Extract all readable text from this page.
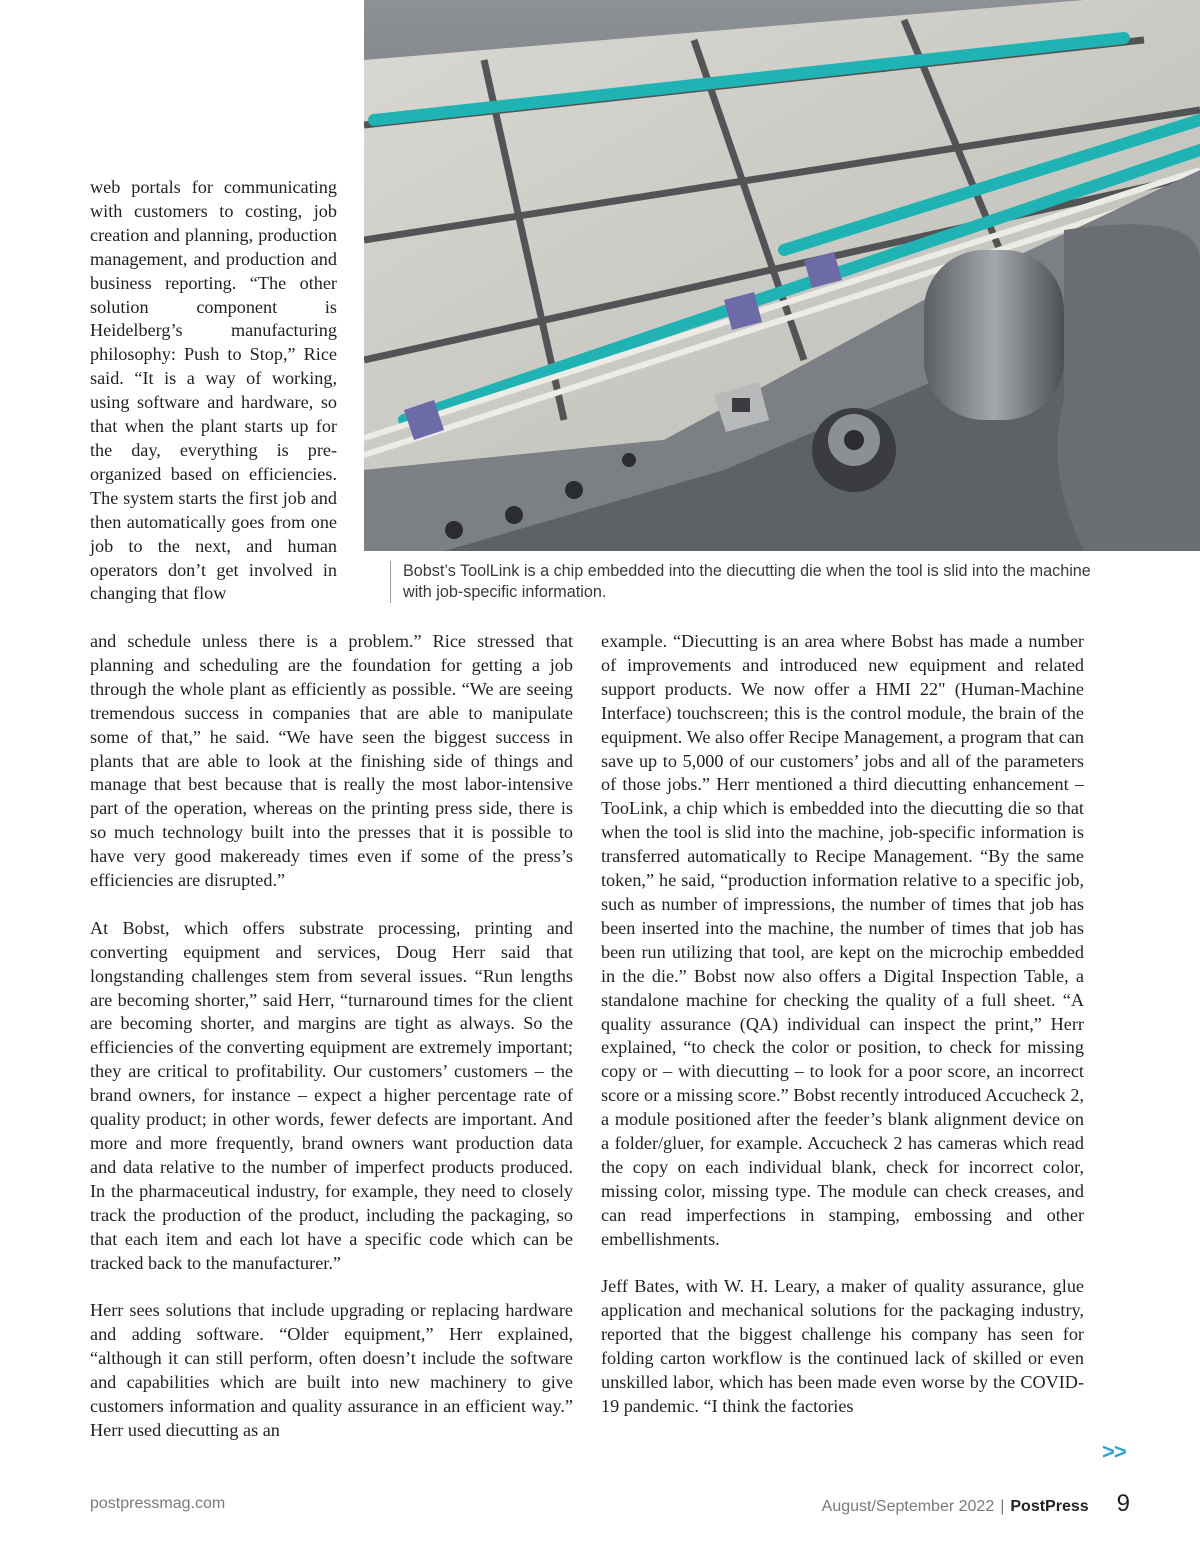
Bobst’s ToolLink is a chip embedded into the diecutting die when the tool is slid into the machine with job-specific information.

web portals for communicating with customers to costing, job creation and planning, production management, and production and business reporting. “The other solution component is Heidelberg’s manufacturing philosophy: Push to Stop,” Rice said. “It is a way of working, using software and hardware, so that when the plant starts up for the day, everything is pre-organized based on efficiencies. The system starts the first job and then automatically goes from one job to the next, and human operators don’t get involved in changing that flow

and schedule unless there is a problem.” Rice stressed that planning and scheduling are the foundation for getting a job through the whole plant as efficiently as possible. “We are seeing tremendous success in companies that are able to manipulate some of that,” he said. “We have seen the biggest success in plants that are able to look at the finishing side of things and manage that best because that is really the most labor-intensive part of the operation, whereas on the printing press side, there is so much technology built into the presses that it is possible to have very good makeready times even if some of the press’s efficiencies are disrupted.”

At Bobst, which offers substrate processing, printing and converting equipment and services, Doug Herr said that longstanding challenges stem from several issues. “Run lengths are becoming shorter,” said Herr, “turnaround times for the client are becoming shorter, and margins are tight as always. So the efficiencies of the converting equipment are extremely important; they are critical to profitability. Our customers’ customers – the brand owners, for instance – expect a higher percentage rate of quality product; in other words, fewer defects are important. And more and more frequently, brand owners want production data and data relative to the number of imperfect products produced. In the pharmaceutical industry, for example, they need to closely track the production of the product, including the packaging, so that each item and each lot have a specific code which can be tracked back to the manufacturer.”

Herr sees solutions that include upgrading or replacing hardware and adding software. “Older equipment,” Herr explained, “although it can still perform, often doesn’t include the software and capabilities which are built into new machinery to give customers information and quality assurance in an efficient way.” Herr used diecutting as an

example. “Diecutting is an area where Bobst has made a number of improvements and introduced new equipment and related support products. We now offer a HMI 22" (Human-Machine Interface) touchscreen; this is the control module, the brain of the equipment. We also offer Recipe Management, a program that can save up to 5,000 of our customers’ jobs and all of the parameters of those jobs.” Herr mentioned a third diecutting enhancement – TooLink, a chip which is embedded into the diecutting die so that when the tool is slid into the machine, job-specific information is transferred automatically to Recipe Management. “By the same token,” he said, “production information relative to a specific job, such as number of impressions, the number of times that job has been inserted into the machine, the number of times that job has been run utilizing that tool, are kept on the microchip embedded in the die.” Bobst now also offers a Digital Inspection Table, a standalone machine for checking the quality of a full sheet. “A quality assurance (QA) individual can inspect the print,” Herr explained, “to check the color or position, to check for missing copy or – with diecutting – to look for a poor score, an incorrect score or a missing score.” Bobst recently introduced Accucheck 2, a module positioned after the feeder’s blank alignment device on a folder/gluer, for example. Accucheck 2 has cameras which read the copy on each individual blank, check for incorrect color, missing color, missing type. The module can check creases, and can read imperfections in stamping, embossing and other embellishments.

Jeff Bates, with W. H. Leary, a maker of quality assurance, glue application and mechanical solutions for the packaging industry, reported that the biggest challenge his company has seen for folding carton workflow is the continued lack of skilled or even unskilled labor, which has been made even worse by the COVID-19 pandemic. “I think the factories

>>
postpressmag.com	August/September 2022 | PostPress 9
